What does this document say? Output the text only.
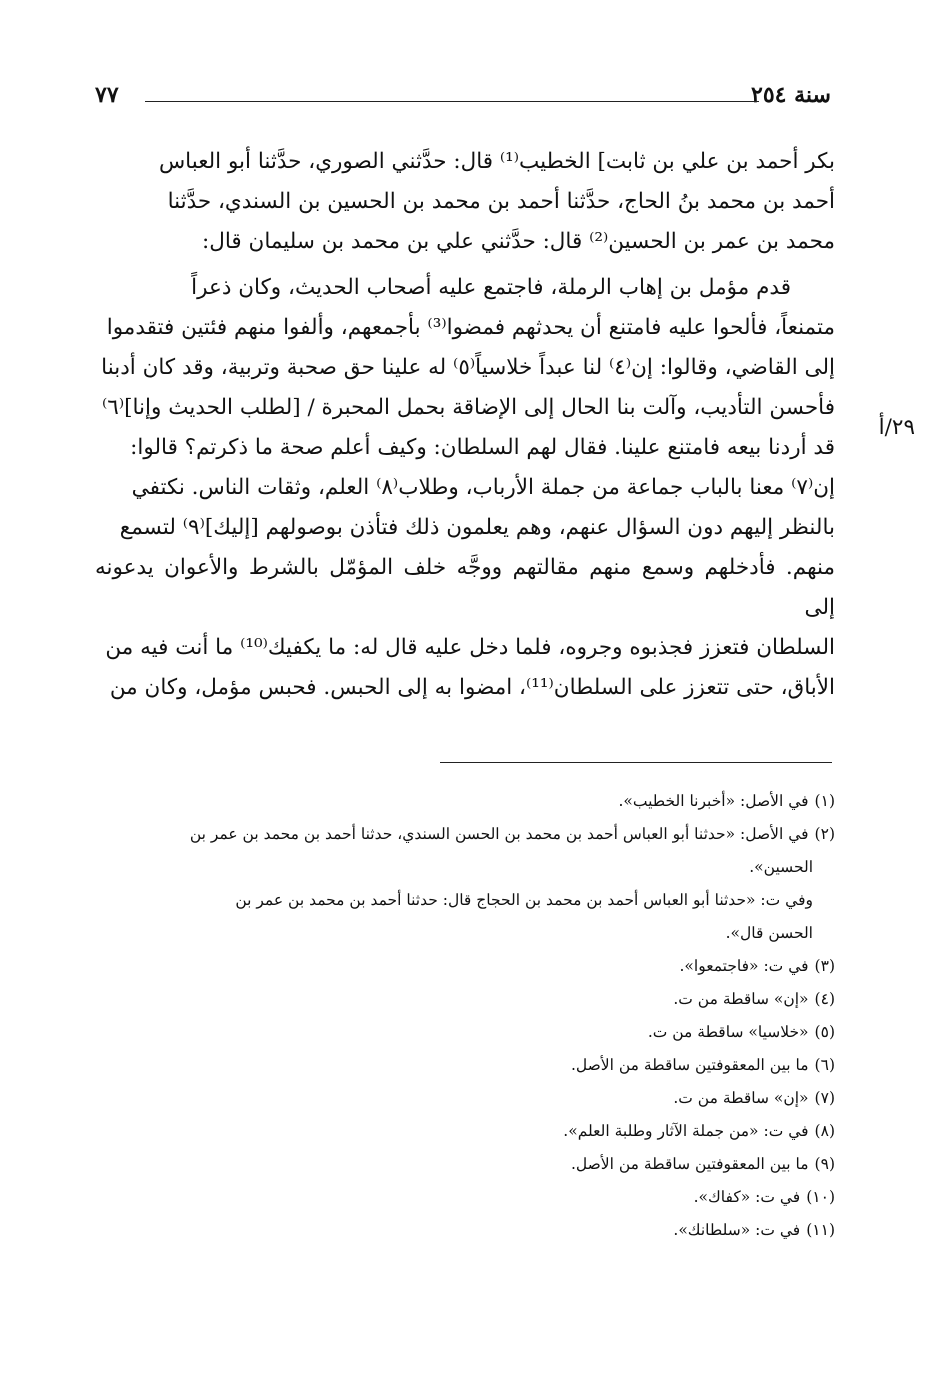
سنة ٢٥٤
٧٧
٢٩/أ

بكر أحمد بن علي بن ثابت] الخطيب⁽¹⁾ قال: حدَّثني الصوري، حدَّثنا أبو العباس

أحمد بن محمد بنُ الحاج، حدَّثنا أحمد بن محمد بن الحسين بن السندي، حدَّثنا

محمد بن عمر بن الحسين⁽²⁾ قال: حدَّثني علي بن محمد بن سليمان قال:

قدم مؤمل بن إهاب الرملة، فاجتمع عليه أصحاب الحديث، وكان ذعراً

متمنعاً، فألحوا عليه فامتنع أن يحدثهم فمضوا⁽³⁾ بأجمعهم، وألفوا منهم فئتين فتقدموا

إلى القاضي، وقالوا: إن⁽٤⁾ لنا عبداً خلاسياً⁽٥⁾ له علينا حق صحبة وتربية، وقد كان أدبنا

فأحسن التأديب، وآلت بنا الحال إلى الإضاقة بحمل المحبرة / [لطلب الحديث وإنا]⁽٦⁾

قد أردنا بيعه فامتنع علينا. فقال لهم السلطان: وكيف أعلم صحة ما ذكرتم؟ قالوا:

إن⁽٧⁾ معنا بالباب جماعة من جملة الأرباب، وطلاب⁽٨⁾ العلم، وثقات الناس. نكتفي

بالنظر إليهم دون السؤال عنهم، وهم يعلمون ذلك فتأذن بوصولهم [إليك]⁽٩⁾ لتسمع

منهم. فأدخلهم وسمع منهم مقالتهم ووجَّه خلف المؤمّل بالشرط والأعوان يدعونه إلى

السلطان فتعزز فجذبوه وجروه، فلما دخل عليه قال له: ما يكفيك⁽¹⁰⁾ ما أنت فيه من

الأباق، حتى تتعزز على السلطان⁽¹¹⁾، امضوا به إلى الحبس. فحبس مؤمل، وكان من

(١)في الأصل: «أخبرنا الخطيب».

(٢)في الأصل: «حدثنا أبو العباس أحمد بن محمد بن الحسن السندي، حدثنا أحمد بن محمد بن عمر بن

الحسين».

وفي ت: «حدثنا أبو العباس أحمد بن محمد بن الحجاج قال: حدثنا أحمد بن محمد بن عمر بن

الحسن قال».

(٣)في ت: «فاجتمعوا».

(٤)«إن» ساقطة من ت.

(٥)«خلاسيا» ساقطة من ت.

(٦)ما بين المعقوفتين ساقطة من الأصل.

(٧)«إن» ساقطة من ت.

(٨)في ت: «من جملة الآثار وطلبة العلم».

(٩)ما بين المعقوفتين ساقطة من الأصل.

(١٠)في ت: «كفاك».

(١١)في ت: «سلطانك».
